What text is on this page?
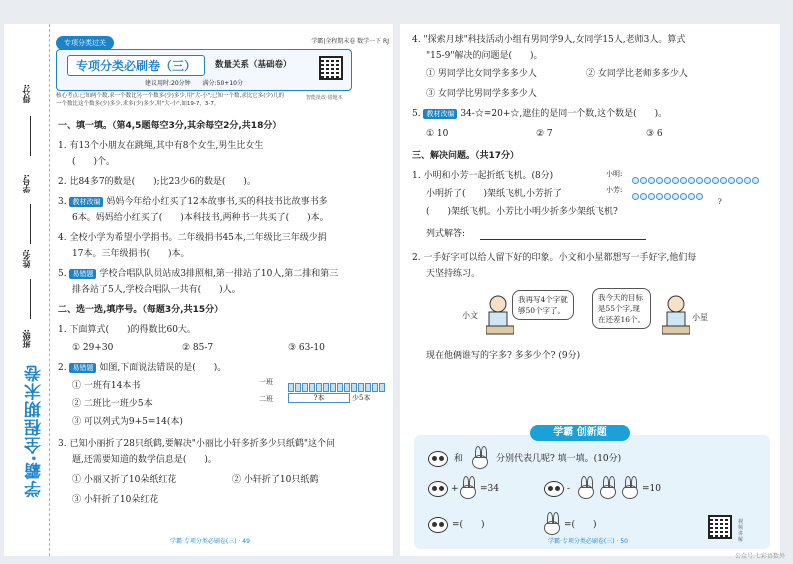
得分:
学号:
姓名:
班级:
学霸·全程期末卷
专项分类过关	学霸|全程期末卷 数学一下 RJ
专项分类必刷卷（三）	数量关系（基础卷）
建议用时:20分钟　　满分:50+10分
智能批改·错题本
核心考点:已知两个数,求一个数比另一个数多(少)多少,用"大-小";已知一个数,求比它多(少)几的
一个数比这个数多(少)多少,求多(少)多少,用"大-小",如19-7，3-7。
一、填一填。（第4,5题每空3分,其余每空2分,共18分）
1. 有13个小朋友在跳绳,其中有8个女生,男生比女生
(　　)个。
2. 比84多7的数是(　　);比23少6的数是(　　)。
3. 教材改编 妈妈今年给小红买了12本故事书,买的科技书比故事书多
6本。妈妈给小红买了(　　)本科技书,两种书一共买了(　　)本。
4. 全校小学为希望小学捐书。二年级捐书45本,二年级比三年级少捐
17本。三年级捐书(　　)本。
5. 易错题 学校合唱队队员站成3排照相,第一排站了10人,第二排和第三
排各站了5人,学校合唱队一共有(　　)人。
二、选一选,填序号。（每题3分,共15分）
1. 下面算式(　　)的得数比60大。
① 29+30	② 85-7	③ 63-10
2. 易错题 如图,下面说法错误的是(　　)。
① 一班有14本书
② 二班比一班少5本
③ 可以列式为9+5=14(本)
一班
二班	?本	少5本
3. 已知小丽折了28只纸鹤,要解决"小丽比小轩多折多少只纸鹤"这个问
题,还需要知道的数学信息是(　　)。
① 小丽又折了10朵纸红花	② 小轩折了10只纸鹤
③ 小轩折了10朵红花
学霸·专项分类必刷卷(三) · 49
4. "探索月球"科技活动小组有男同学9人,女同学15人,老师3人。算式
"15-9"解决的问题是(　　)。
① 男同学比女同学多多少人	② 女同学比老师多多少人
③ 女同学比男同学多多少人
5. 教材改编 34-☆=20+☆,遮住的是同一个数,这个数是(　　)。
① 10	② 7	③ 6
三、解决问题。（共17分）
1. 小明和小芳一起折纸飞机。(8分)
小明折了(　　)架纸飞机,小芳折了
(　　)架纸飞机。小芳比小明少折多少架纸飞机?
列式解答:
小明:
小芳:
?
2. 一手好字可以给人留下好的印象。小文和小星都想写一手好字,他们每
天坚持练习。
小文
我再写4个字就
够50个字了。
我今天的目标
是55个字,现
在还差16个。	小星
现在他俩谁写的字多? 多多少个? (9分)
学霸 创新题
和	分别代表几呢? 填一填。(10分)
+ =34	-	=10
=(　　)	=(　　)	视频讲解
学霸·专项分类必刷卷(三) · 50
公众号:七彩语数外
